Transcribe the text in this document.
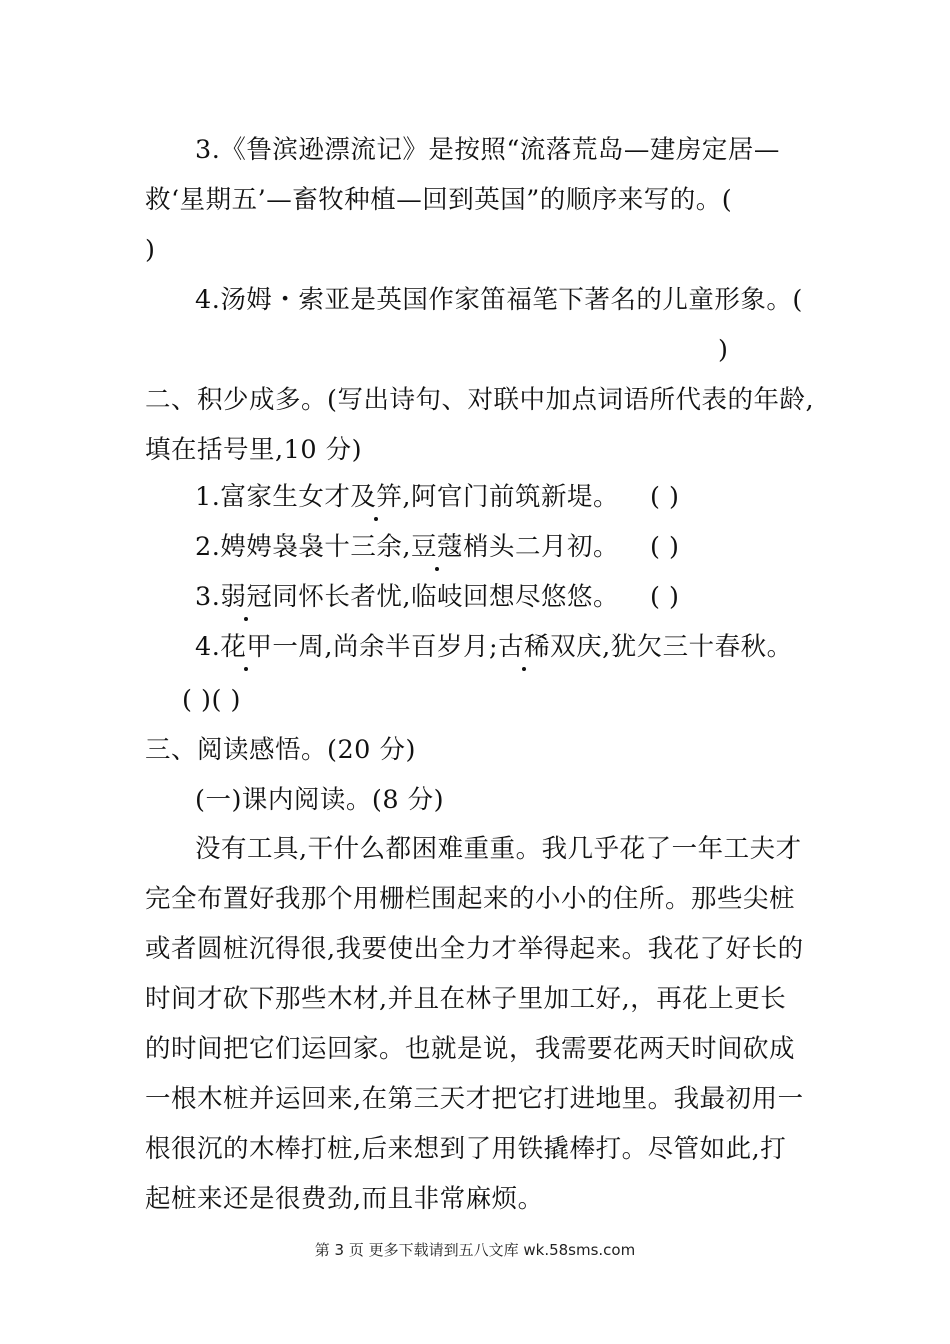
3.《鲁滨逊漂流记》是按照“流落荒岛—建房定居—
救‘星期五’—畜牧种植—回到英国”的顺序来写的。(
)
4.汤姆・索亚是英国作家笛福笔下著名的儿童形象。(
)
二、积少成多。(写出诗句、对联中加点词语所代表的年龄,
填在括号里,10 分)
1.富家生女才及笄,阿官门前筑新堤。 ( )
2.娉娉袅袅十三余,豆蔻梢头二月初。 ( )
3.弱冠同怀长者忧,临岐回想尽悠悠。 ( )
4.花甲一周,尚余半百岁月;古稀双庆,犹欠三十春秋。
( )( )
三、阅读感悟。(20 分)
(一)课内阅读。(8 分)
没有工具,干什么都困难重重。我几乎花了一年工夫才
完全布置好我那个用栅栏围起来的小小的住所。那些尖桩
或者圆桩沉得很,我要使出全力才举得起来。我花了好长的
时间才砍下那些木材,并且在林子里加工好,，再花上更长
的时间把它们运回家。也就是说，我需要花两天时间砍成
一根木桩并运回来,在第三天才把它打进地里。我最初用一
根很沉的木棒打桩,后来想到了用铁撬棒打。尽管如此,打
起桩来还是很费劲,而且非常麻烦。
第 3 页 更多下载请到五八文库 wk.58sms.com
